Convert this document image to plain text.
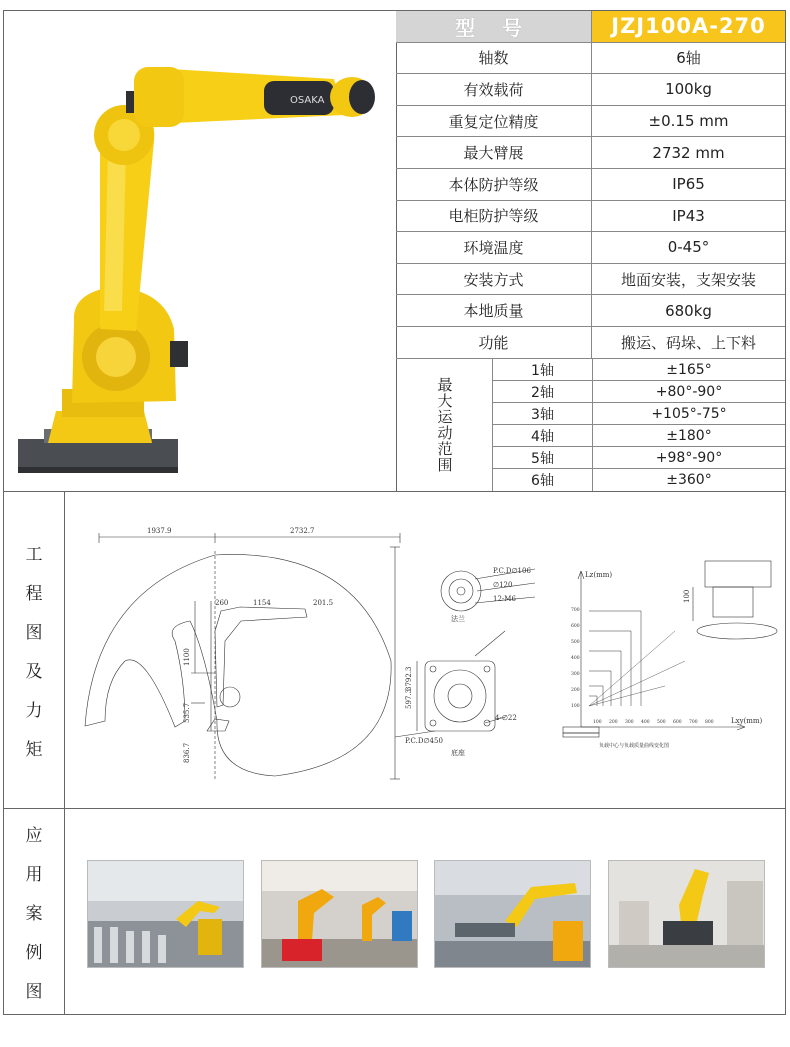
OSAKA
型 号	JZJ100A-270
轴数	6轴
有效载荷	100kg
重复定位精度	±0.15 mm
最大臂展	2732 mm
本体防护等级	IP65
电柜防护等级	IP43
环境温度	0-45°
安装方式	地面安装，支架安装
本地质量	680kg
功能	搬运、码垛、上下料
最大运动范围
1轴	±165°
2轴	+80°-90°
3轴	+105°-75°
4轴	±180°
5轴	+98°-90°
6轴	±360°
工
程
图
及
力
矩
1937.9	2732.7
260	1154	201.5
1100
535.7
836.7
3792.3
P.C.D∅106
∅120
12-M6
法兰
597.3
P.C.D∅450
4-∅22
底座
Lz(mm)
Lxy(mm)
100
负载中心与负载质量曲线变化图
700
600
500
400
300
200
100
100 200 300 400 500 600 700 800
应
用
案
例
图
